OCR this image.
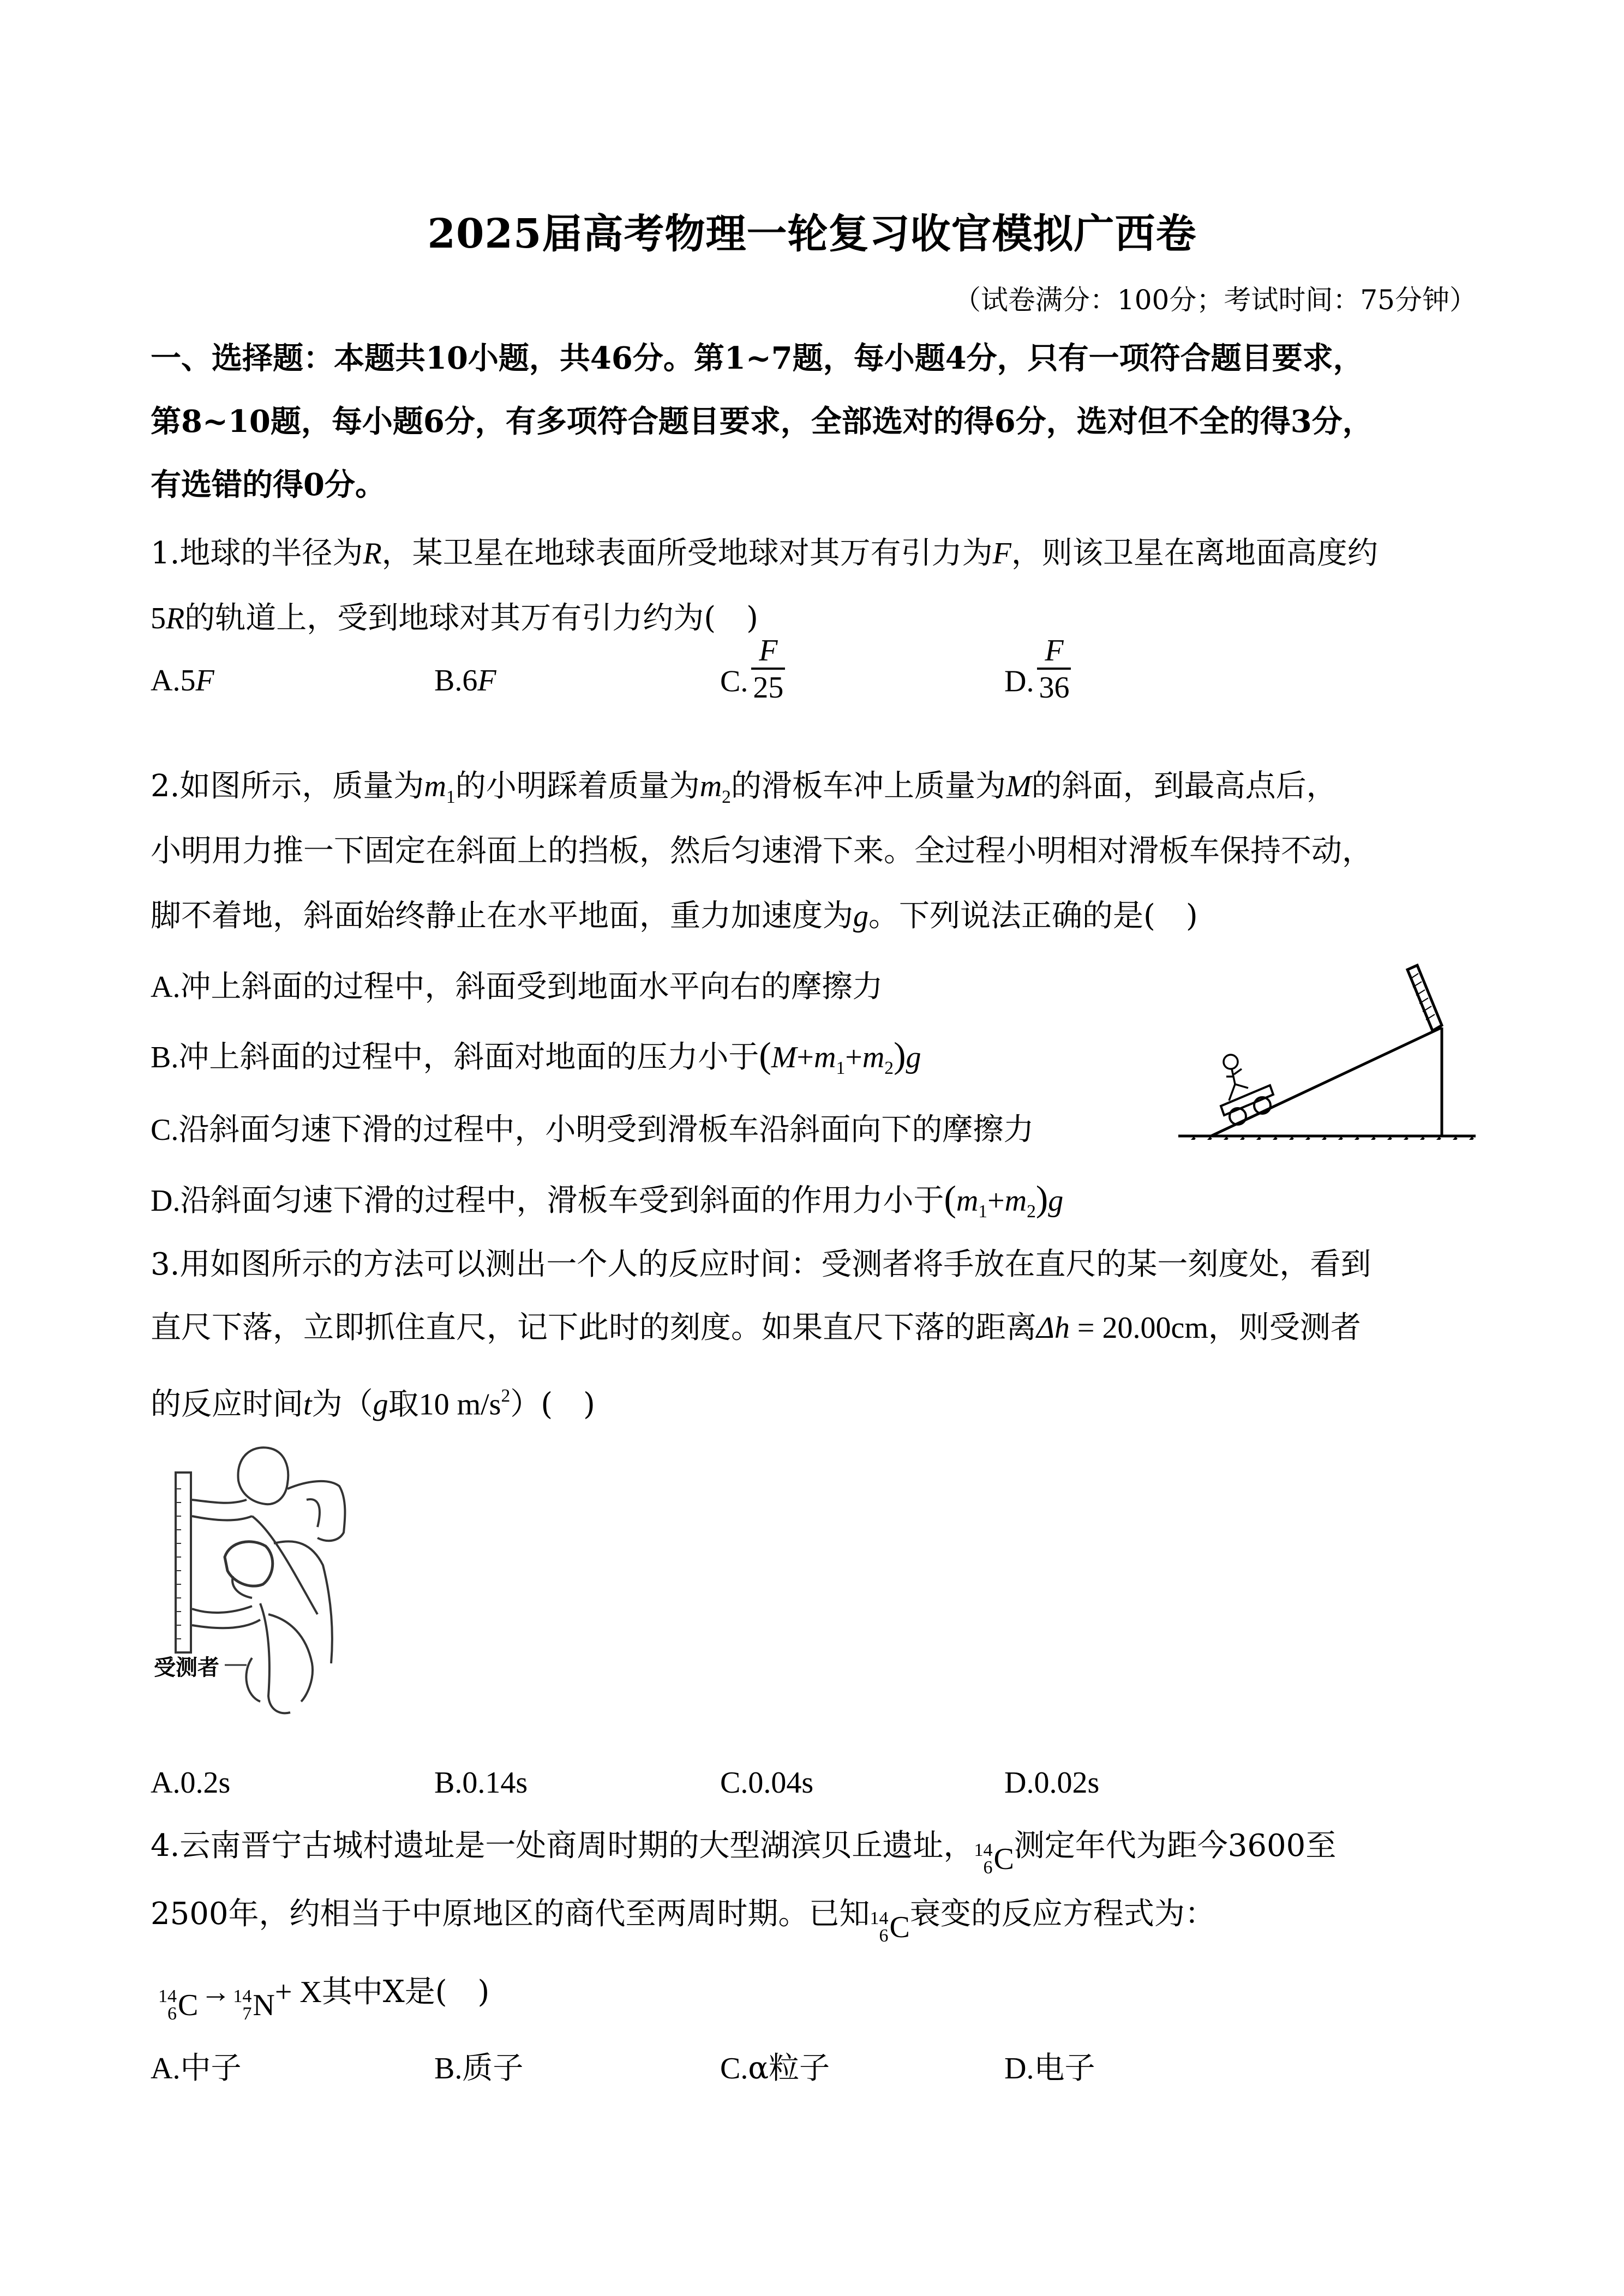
2025届高考物理一轮复习收官模拟广西卷
（试卷满分：100分；考试时间：75分钟）
一、选择题：本题共10小题，共46分。第1~7题，每小题4分，只有一项符合题目要求，
第8~10题，每小题6分，有多项符合题目要求，全部选对的得6分，选对但不全的得3分，
有选错的得0分。
1.地球的半径为R，某卫星在地球表面所受地球对其万有引力为F，则该卫星在离地面高度约
5R的轨道上，受到地球对其万有引力约为(　)
A.5F	B.6F	C. $\frac{F}{25}$	D. $\frac{F}{36}$
2.如图所示，质量为$m_1$的小明踩着质量为$m_2$的滑板车冲上质量为M的斜面，到最高点后，
小明用力推一下固定在斜面上的挡板，然后匀速滑下来。全过程小明相对滑板车保持不动，
脚不着地，斜面始终静止在水平地面，重力加速度为g。下列说法正确的是(　)
A.冲上斜面的过程中，斜面受到地面水平向右的摩擦力
B.冲上斜面的过程中，斜面对地面的压力小于$(M+m_1+m_2)g$
C.沿斜面匀速下滑的过程中，小明受到滑板车沿斜面向下的摩擦力
D.沿斜面匀速下滑的过程中，滑板车受到斜面的作用力小于$(m_1+m_2)g$
3.用如图所示的方法可以测出一个人的反应时间：受测者将手放在直尺的某一刻度处，看到
直尺下落，立即抓住直尺，记下此时的刻度。如果直尺下落的距离Δh = 20.00cm，则受测者
的反应时间t为（g取10 $m/s^2$）(　)
受测者
A.0.2s	B.0.14s	C.0.04s	D.0.02s
4.云南晋宁古城村遗址是一处商周时期的大型湖滨贝丘遗址， 14
6 C 测定年代为距今3600至
2500年，约相当于中原地区的商代至两周时期。已知 14
6 C 衰变的反应方程式为：
14
6 C → 14
7 N + X其中X是(　)
A.中子	B.质子	C.α粒子	D.电子
